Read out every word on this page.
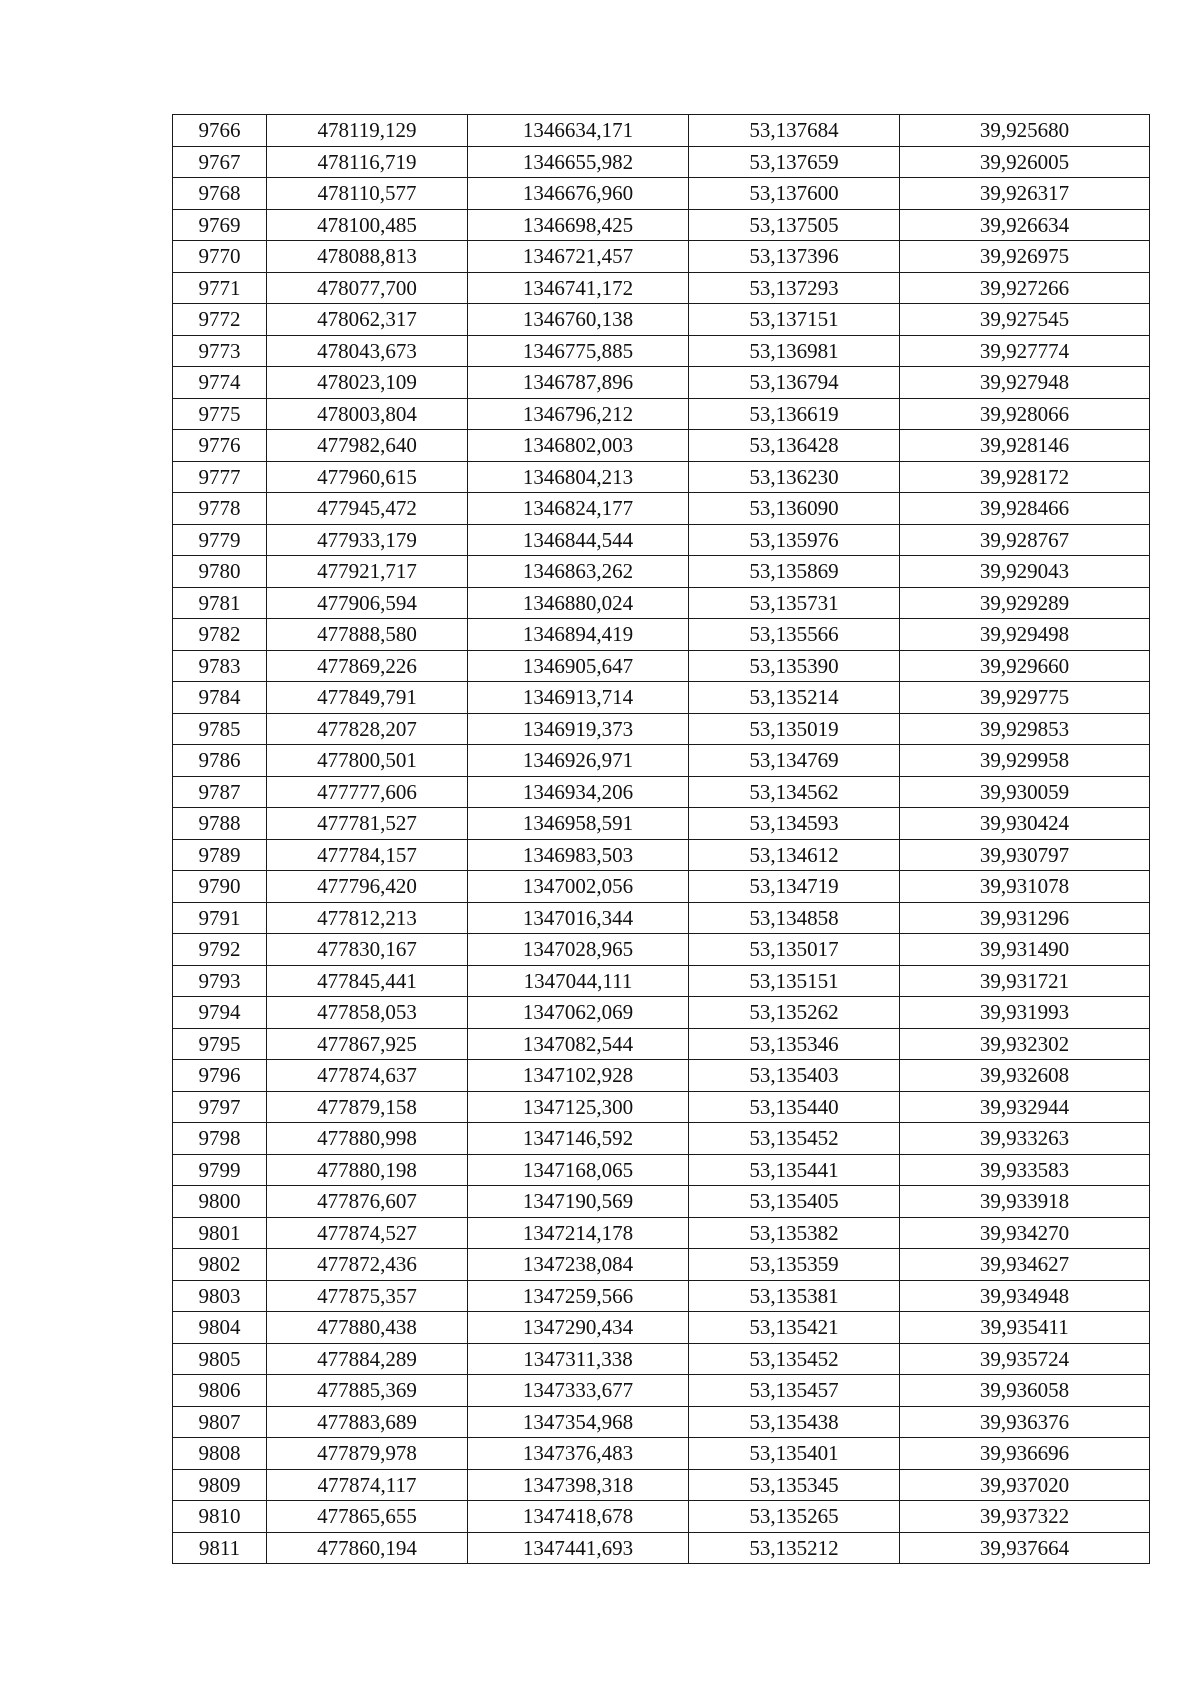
9766	478119,129	1346634,171	53,137684	39,925680
9767	478116,719	1346655,982	53,137659	39,926005
9768	478110,577	1346676,960	53,137600	39,926317
9769	478100,485	1346698,425	53,137505	39,926634
9770	478088,813	1346721,457	53,137396	39,926975
9771	478077,700	1346741,172	53,137293	39,927266
9772	478062,317	1346760,138	53,137151	39,927545
9773	478043,673	1346775,885	53,136981	39,927774
9774	478023,109	1346787,896	53,136794	39,927948
9775	478003,804	1346796,212	53,136619	39,928066
9776	477982,640	1346802,003	53,136428	39,928146
9777	477960,615	1346804,213	53,136230	39,928172
9778	477945,472	1346824,177	53,136090	39,928466
9779	477933,179	1346844,544	53,135976	39,928767
9780	477921,717	1346863,262	53,135869	39,929043
9781	477906,594	1346880,024	53,135731	39,929289
9782	477888,580	1346894,419	53,135566	39,929498
9783	477869,226	1346905,647	53,135390	39,929660
9784	477849,791	1346913,714	53,135214	39,929775
9785	477828,207	1346919,373	53,135019	39,929853
9786	477800,501	1346926,971	53,134769	39,929958
9787	477777,606	1346934,206	53,134562	39,930059
9788	477781,527	1346958,591	53,134593	39,930424
9789	477784,157	1346983,503	53,134612	39,930797
9790	477796,420	1347002,056	53,134719	39,931078
9791	477812,213	1347016,344	53,134858	39,931296
9792	477830,167	1347028,965	53,135017	39,931490
9793	477845,441	1347044,111	53,135151	39,931721
9794	477858,053	1347062,069	53,135262	39,931993
9795	477867,925	1347082,544	53,135346	39,932302
9796	477874,637	1347102,928	53,135403	39,932608
9797	477879,158	1347125,300	53,135440	39,932944
9798	477880,998	1347146,592	53,135452	39,933263
9799	477880,198	1347168,065	53,135441	39,933583
9800	477876,607	1347190,569	53,135405	39,933918
9801	477874,527	1347214,178	53,135382	39,934270
9802	477872,436	1347238,084	53,135359	39,934627
9803	477875,357	1347259,566	53,135381	39,934948
9804	477880,438	1347290,434	53,135421	39,935411
9805	477884,289	1347311,338	53,135452	39,935724
9806	477885,369	1347333,677	53,135457	39,936058
9807	477883,689	1347354,968	53,135438	39,936376
9808	477879,978	1347376,483	53,135401	39,936696
9809	477874,117	1347398,318	53,135345	39,937020
9810	477865,655	1347418,678	53,135265	39,937322
9811	477860,194	1347441,693	53,135212	39,937664
